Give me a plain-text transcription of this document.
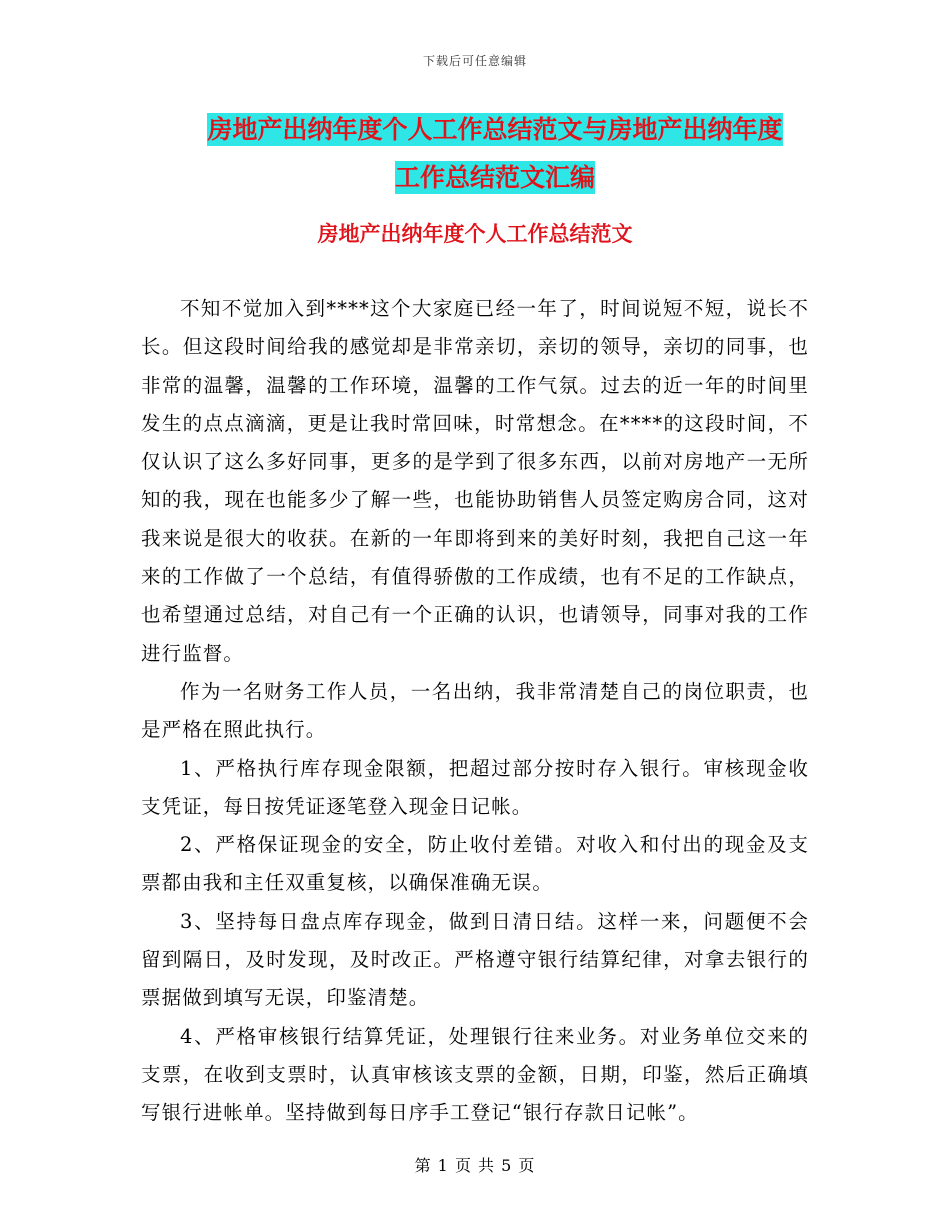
下载后可任意编辑
房地产出纳年度个人工作总结范文与房地产出纳年度
工作总结范文汇编
房地产出纳年度个人工作总结范文

不知不觉加入到****这个大家庭已经一年了，时间说短不短，说长不长。但这段时间给我的感觉却是非常亲切，亲切的领导，亲切的同事，也非常的温馨，温馨的工作环境，温馨的工作气氛。过去的近一年的时间里发生的点点滴滴，更是让我时常回味，时常想念。在****的这段时间，不仅认识了这么多好同事，更多的是学到了很多东西，以前对房地产一无所知的我，现在也能多少了解一些，也能协助销售人员签定购房合同，这对我来说是很大的收获。在新的一年即将到来的美好时刻，我把自己这一年来的工作做了一个总结，有值得骄傲的工作成绩，也有不足的工作缺点，也希望通过总结，对自己有一个正确的认识，也请领导，同事对我的工作进行监督。

作为一名财务工作人员，一名出纳，我非常清楚自己的岗位职责，也是严格在照此执行。

1、严格执行库存现金限额，把超过部分按时存入银行。审核现金收支凭证，每日按凭证逐笔登入现金日记帐。

2、严格保证现金的安全，防止收付差错。对收入和付出的现金及支票都由我和主任双重复核，以确保准确无误。

3、坚持每日盘点库存现金，做到日清日结。这样一来，问题便不会留到隔日，及时发现，及时改正。严格遵守银行结算纪律，对拿去银行的票据做到填写无误，印鉴清楚。

4、严格审核银行结算凭证，处理银行往来业务。对业务单位交来的支票，在收到支票时，认真审核该支票的金额，日期，印鉴，然后正确填写银行进帐单。坚持做到每日序手工登记“银行存款日记帐”。

第 1 页 共 5 页
